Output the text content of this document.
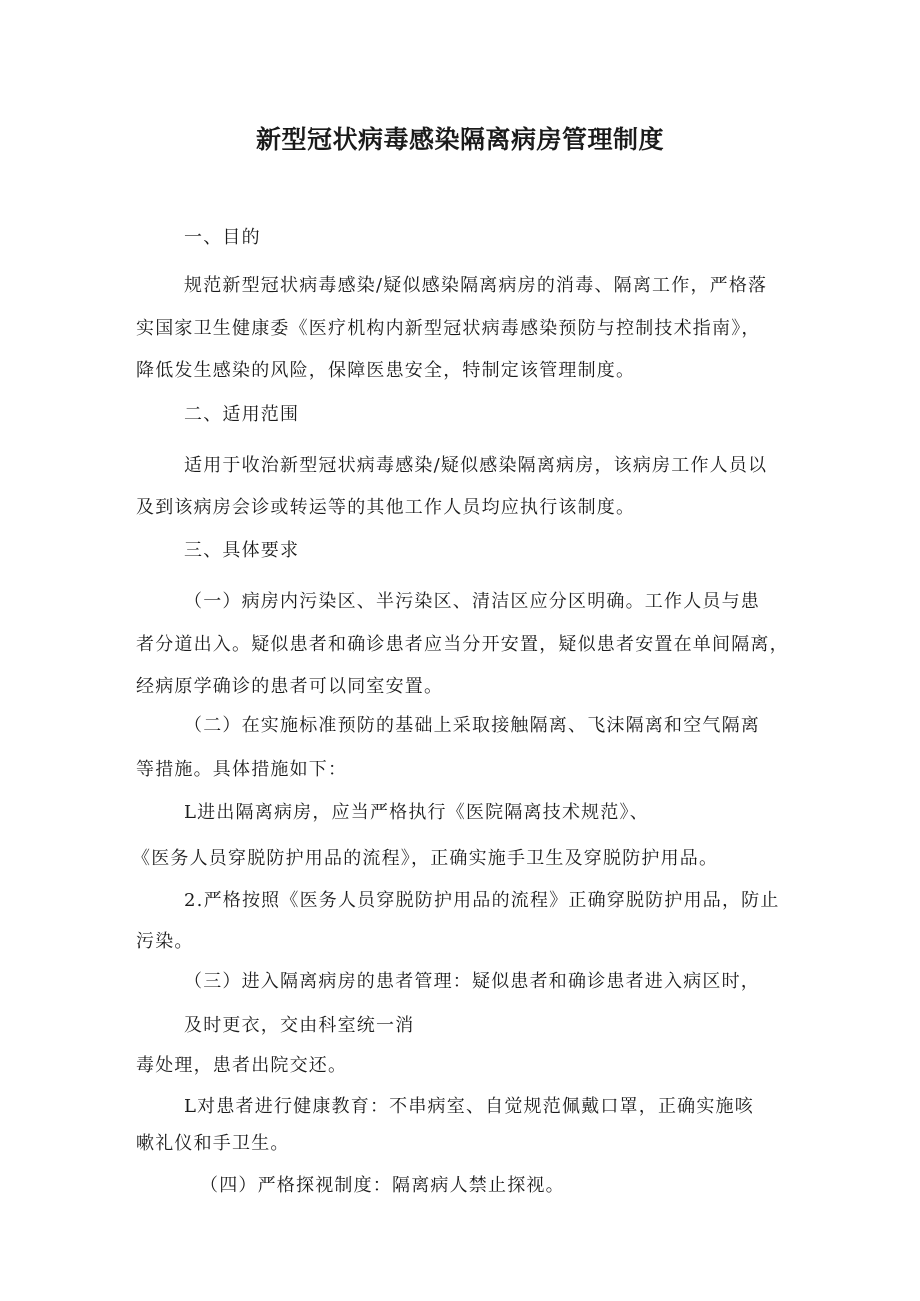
新型冠状病毒感染隔离病房管理制度
一、目的
规范新型冠状病毒感染/疑似感染隔离病房的消毒、隔离工作，严格落
实国家卫生健康委《医疗机构内新型冠状病毒感染预防与控制技术指南》，
降低发生感染的风险，保障医患安全，特制定该管理制度。
二、适用范围
适用于收治新型冠状病毒感染/疑似感染隔离病房，该病房工作人员以
及到该病房会诊或转运等的其他工作人员均应执行该制度。
三、具体要求
（一）病房内污染区、半污染区、清洁区应分区明确。工作人员与患
者分道出入。疑似患者和确诊患者应当分开安置，疑似患者安置在单间隔离，
经病原学确诊的患者可以同室安置。
（二）在实施标准预防的基础上采取接触隔离、飞沫隔离和空气隔离
等措施。具体措施如下：
L进出隔离病房，应当严格执行《医院隔离技术规范》、
《医务人员穿脱防护用品的流程》，正确实施手卫生及穿脱防护用品。
2.严格按照《医务人员穿脱防护用品的流程》正确穿脱防护用品，防止
污染。
（三）进入隔离病房的患者管理：疑似患者和确诊患者进入病区时，
及时更衣，交由科室统一消
毒处理，患者出院交还。
L对患者进行健康教育：不串病室、自觉规范佩戴口罩，正确实施咳
嗽礼仪和手卫生。
（四）严格探视制度：隔离病人禁止探视。
